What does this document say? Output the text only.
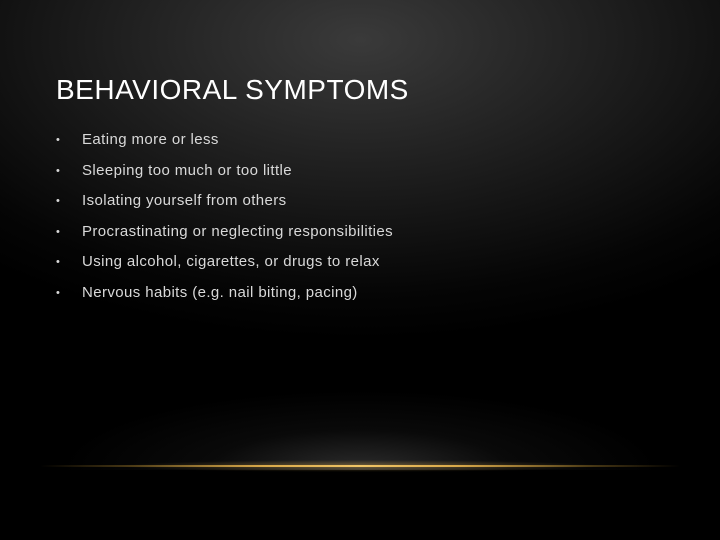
BEHAVIORAL SYMPTOMS
• Eating more or less
• Sleeping too much or too little
• Isolating yourself from others
• Procrastinating or neglecting responsibilities
• Using alcohol, cigarettes, or drugs to relax
• Nervous habits (e.g. nail biting, pacing)
